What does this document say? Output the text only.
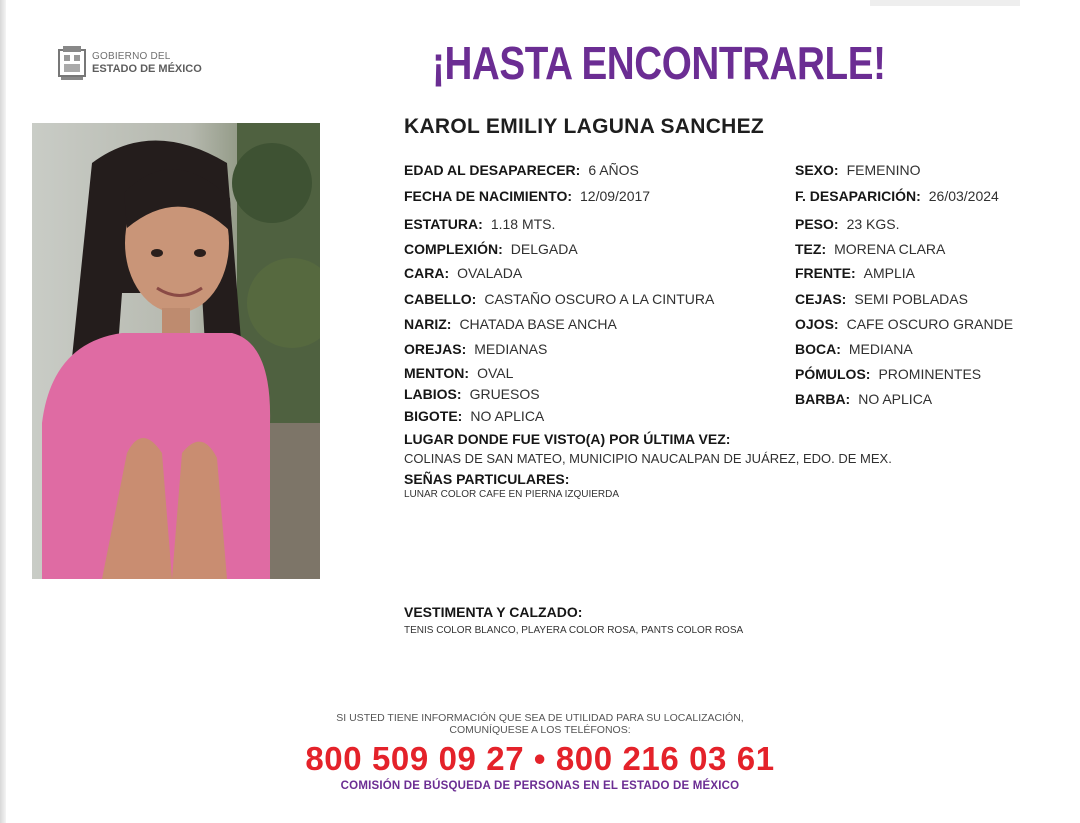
GOBIERNO DEL
ESTADO DE MÉXICO	¡HASTA ENCONTRARLE!
KAROL EMILIY LAGUNA SANCHEZ
EDAD AL DESAPARECER: 6 AÑOS
FECHA DE NACIMIENTO: 12/09/2017
ESTATURA: 1.18 MTS.
COMPLEXIÓN: DELGADA
CARA: OVALADA
CABELLO: CASTAÑO OSCURO A LA CINTURA
NARIZ: CHATADA BASE ANCHA
OREJAS: MEDIANAS
MENTON: OVAL
LABIOS: GRUESOS
BIGOTE: NO APLICA
SEXO: FEMENINO
F. DESAPARICIÓN: 26/03/2024
PESO: 23 KGS.
TEZ: MORENA CLARA
FRENTE: AMPLIA
CEJAS: SEMI POBLADAS
OJOS: CAFE OSCURO GRANDE
BOCA: MEDIANA
PÓMULOS: PROMINENTES
BARBA: NO APLICA
LUGAR DONDE FUE VISTO(A) POR ÚLTIMA VEZ:
COLINAS DE SAN MATEO, MUNICIPIO NAUCALPAN DE JUÁREZ, EDO. DE MEX.
SEÑAS PARTICULARES:
LUNAR COLOR CAFE EN PIERNA IZQUIERDA
VESTIMENTA Y CALZADO:
TENIS COLOR BLANCO, PLAYERA COLOR ROSA, PANTS COLOR ROSA
SI USTED TIENE INFORMACIÓN QUE SEA DE UTILIDAD PARA SU LOCALIZACIÓN,
COMUNÍQUESE A LOS TELÉFONOS:
800 509 09 27 • 800 216 03 61
COMISIÓN DE BÚSQUEDA DE PERSONAS EN EL ESTADO DE MÉXICO
